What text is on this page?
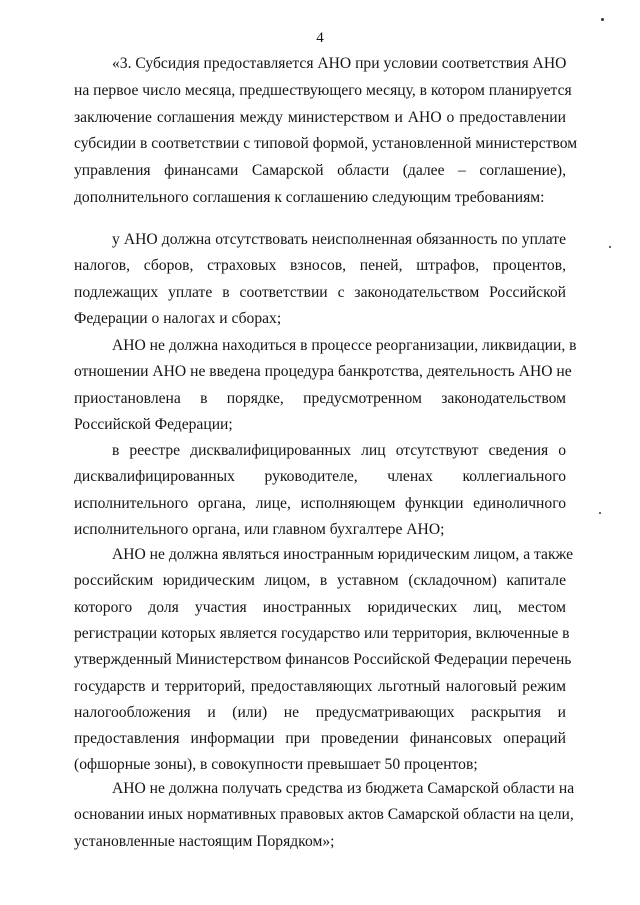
4
«3. Субсидия предоставляется АНО при условии соответствия АНО
на первое число месяца, предшествующего месяцу, в котором планируется
заключение соглашения между министерством и АНО о предоставлении
субсидии в соответствии с типовой формой, установленной министерством
управления финансами Самарской области (далее – соглашение),
дополнительного соглашения к соглашению следующим требованиям:
у АНО должна отсутствовать неисполненная обязанность по уплате
налогов, сборов, страховых взносов, пеней, штрафов, процентов,
подлежащих уплате в соответствии с законодательством Российской
Федерации о налогах и сборах;
АНО не должна находиться в процессе реорганизации, ликвидации, в
отношении АНО не введена процедура банкротства, деятельность АНО не
приостановлена в порядке, предусмотренном законодательством
Российской Федерации;
в реестре дисквалифицированных лиц отсутствуют сведения о
дисквалифицированных руководителе, членах коллегиального
исполнительного органа, лице, исполняющем функции единоличного
исполнительного органа, или главном бухгалтере АНО;
АНО не должна являться иностранным юридическим лицом, а также
российским юридическим лицом, в уставном (складочном) капитале
которого доля участия иностранных юридических лиц, местом
регистрации которых является государство или территория, включенные в
утвержденный Министерством финансов Российской Федерации перечень
государств и территорий, предоставляющих льготный налоговый режим
налогообложения и (или) не предусматривающих раскрытия и
предоставления информации при проведении финансовых операций
(офшорные зоны), в совокупности превышает 50 процентов;
АНО не должна получать средства из бюджета Самарской области на
основании иных нормативных правовых актов Самарской области на цели,
установленные настоящим Порядком»;
